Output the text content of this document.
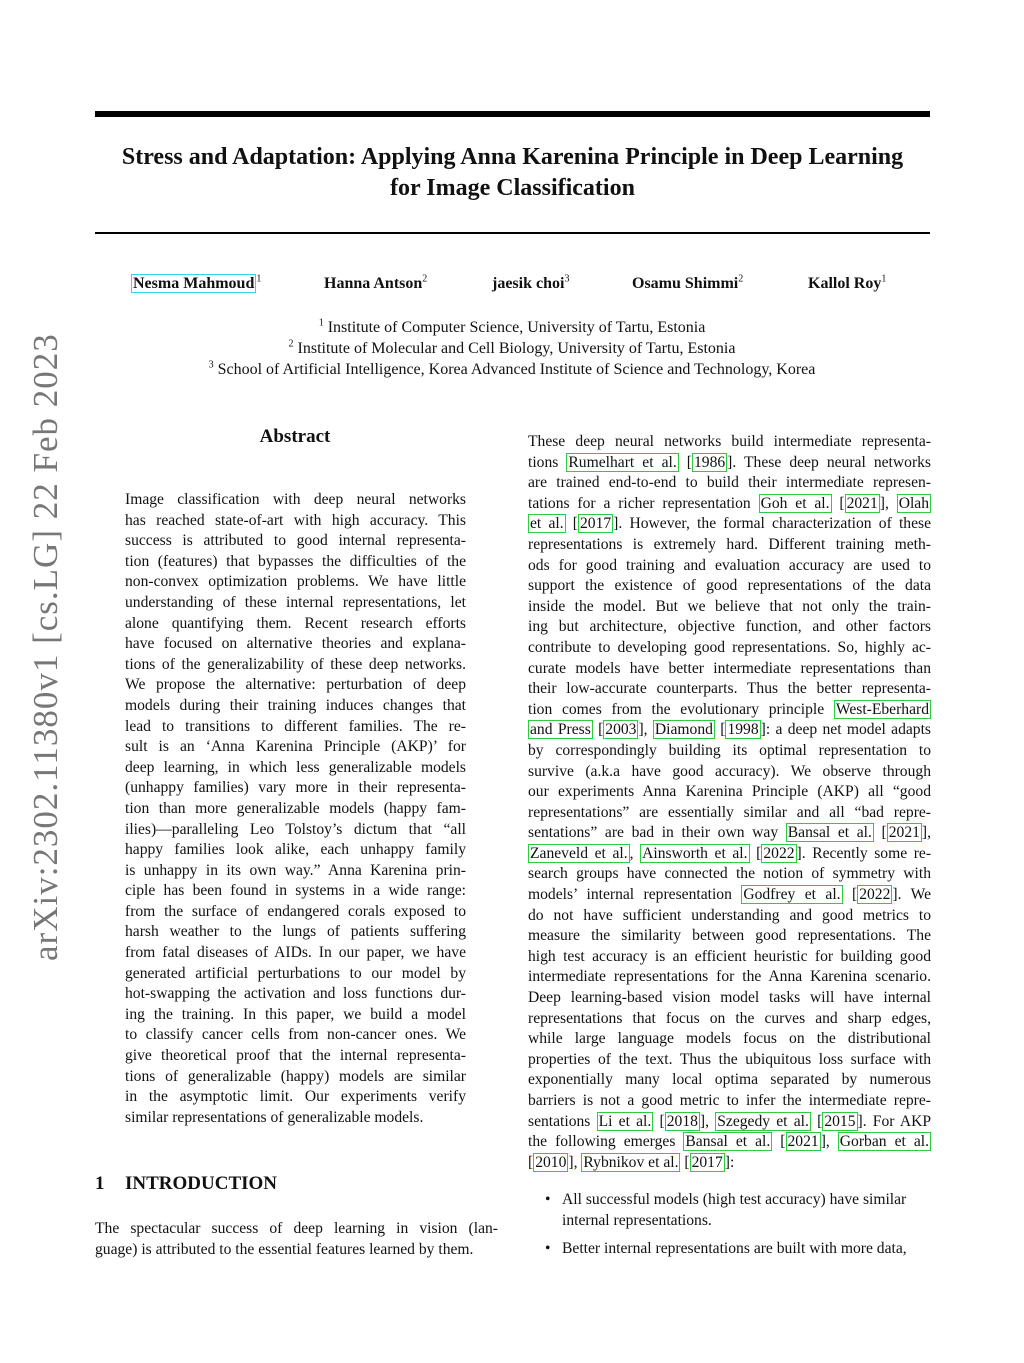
arXiv:2302.11380v1 [cs.LG] 22 Feb 2023
Stress and Adaptation: Applying Anna Karenina Principle in Deep Learning
for Image Classification
Nesma Mahmoud $^1$	Hanna Antson$^2$	jaesik choi$^3$	Osamu Shimmi$^2$	Kallol Roy$^1$
$^1$ Institute of Computer Science, University of Tartu, Estonia
$^2$ Institute of Molecular and Cell Biology, University of Tartu, Estonia
$^3$ School of Artificial Intelligence, Korea Advanced Institute of Science and Technology, Korea
Abstract
Image classification with deep neural networks
has reached state-of-art with high accuracy. This
success is attributed to good internal representa-
tion (features) that bypasses the difficulties of the
non-convex optimization problems. We have little
understanding of these internal representations, let
alone quantifying them. Recent research efforts
have focused on alternative theories and explana-
tions of the generalizability of these deep networks.
We propose the alternative: perturbation of deep
models during their training induces changes that
lead to transitions to different families. The re-
sult is an ‘Anna Karenina Principle (AKP)’ for
deep learning, in which less generalizable models
(unhappy families) vary more in their representa-
tion than more generalizable models (happy fam-
ilies)—paralleling Leo Tolstoy’s dictum that “all
happy families look alike, each unhappy family
is unhappy in its own way.” Anna Karenina prin-
ciple has been found in systems in a wide range:
from the surface of endangered corals exposed to
harsh weather to the lungs of patients suffering
from fatal diseases of AIDs. In our paper, we have
generated artificial perturbations to our model by
hot-swapping the activation and loss functions dur-
ing the training. In this paper, we build a model
to classify cancer cells from non-cancer ones. We
give theoretical proof that the internal representa-
tions of generalizable (happy) models are similar
in the asymptotic limit. Our experiments verify
similar representations of generalizable models.
1 INTRODUCTION
The spectacular success of deep learning in vision (lan-
guage) is attributed to the essential features learned by them.
These deep neural networks build intermediate representa-
tions Rumelhart et al. [ 1986 ]. These deep neural networks
are trained end-to-end to build their intermediate represen-
tations for a richer representation Goh et al. [ 2021 ], Olah
et al. [ 2017 ]. However, the formal characterization of these
representations is extremely hard. Different training meth-
ods for good training and evaluation accuracy are used to
support the existence of good representations of the data
inside the model. But we believe that not only the train-
ing but architecture, objective function, and other factors
contribute to developing good representations. So, highly ac-
curate models have better intermediate representations than
their low-accurate counterparts. Thus the better representa-
tion comes from the evolutionary principle West-Eberhard
and Press [ 2003 ], Diamond [ 1998 ]: a deep net model adapts
by correspondingly building its optimal representation to
survive (a.k.a have good accuracy). We observe through
our experiments Anna Karenina Principle (AKP) all “good
representations” are essentially similar and all “bad repre-
sentations” are bad in their own way Bansal et al. [ 2021 ],
Zaneveld et al. , Ainsworth et al. [ 2022 ]. Recently some re-
search groups have connected the notion of symmetry with
models’ internal representation Godfrey et al. [ 2022 ]. We
do not have sufficient understanding and good metrics to
measure the similarity between good representations. The
high test accuracy is an efficient heuristic for building good
intermediate representations for the Anna Karenina scenario.
Deep learning-based vision model tasks will have internal
representations that focus on the curves and sharp edges,
while large language models focus on the distributional
properties of the text. Thus the ubiquitous loss surface with
exponentially many local optima separated by numerous
barriers is not a good metric to infer the intermediate repre-
sentations Li et al. [ 2018 ], Szegedy et al. [ 2015 ]. For AKP
the following emerges Bansal et al. [ 2021 ], Gorban et al.
[ 2010 ], Rybnikov et al. [ 2017 ]:
• All successful models (high test accuracy) have similar
internal representations.
• Better internal representations are built with more data,
